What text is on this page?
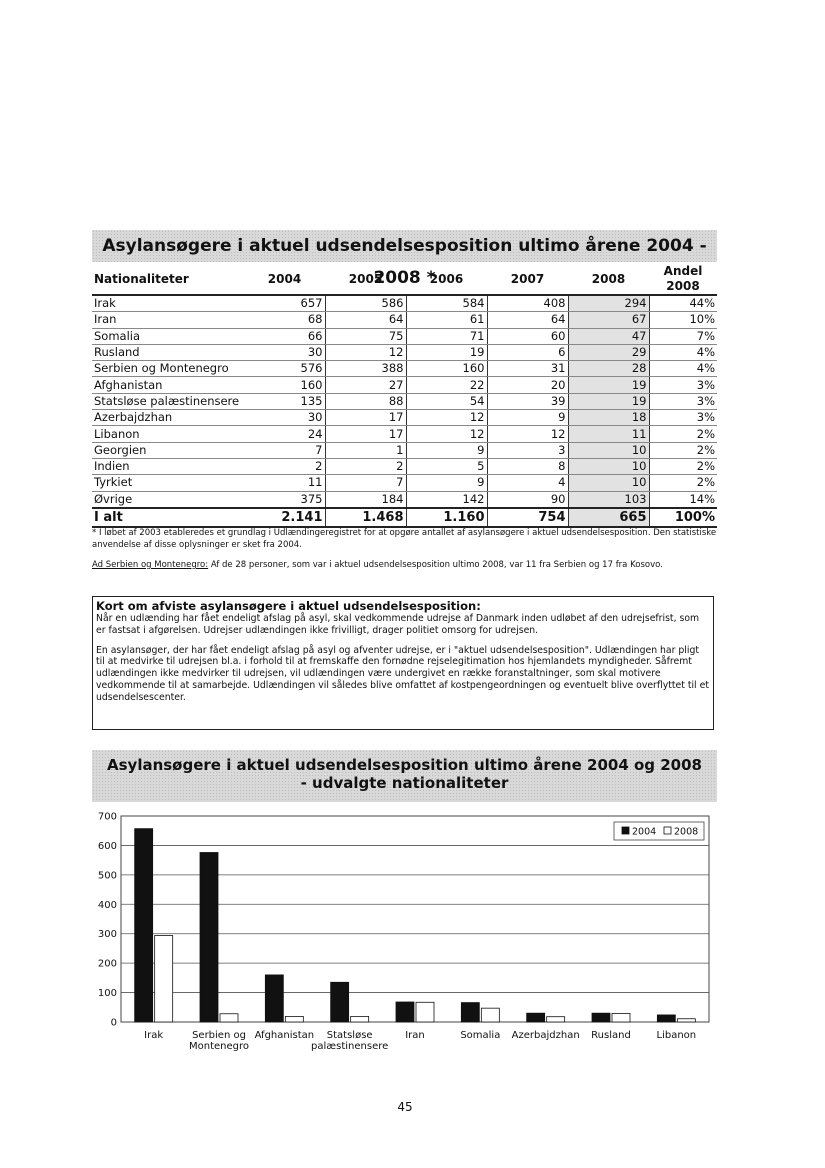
Asylansøgere i aktuel udsendelsesposition ultimo årene 2004 - 2008 *
Nationaliteter	2004	2005	2006	2007	2008	Andel 2008
Irak	657	586	584	408	294	44%
Iran	68	64	61	64	67	10%
Somalia	66	75	71	60	47	7%
Rusland	30	12	19	6	29	4%
Serbien og Montenegro	576	388	160	31	28	4%
Afghanistan	160	27	22	20	19	3%
Statsløse palæstinensere	135	88	54	39	19	3%
Azerbajdzhan	30	17	12	9	18	3%
Libanon	24	17	12	12	11	2%
Georgien	7	1	9	3	10	2%
Indien	2	2	5	8	10	2%
Tyrkiet	11	7	9	4	10	2%
Øvrige	375	184	142	90	103	14%
I alt	2.141	1.468	1.160	754	665	100%
* I løbet af 2003 etableredes et grundlag i Udlændingeregistret for at opgøre antallet af asylansøgere i aktuel udsendelsesposition. Den statistiske anvendelse af disse oplysninger er sket fra 2004.
Ad Serbien og Montenegro: Af de 28 personer, som var i aktuel udsendelsesposition ultimo 2008, var 11 fra Serbien og 17 fra Kosovo.
Kort om afviste asylansøgere i aktuel udsendelsesposition:

Når en udlænding har fået endeligt afslag på asyl, skal vedkommende udrejse af Danmark inden udløbet af den udrejsefrist, som er fastsat i afgørelsen. Udrejser udlændingen ikke frivilligt, drager politiet omsorg for udrejsen.

En asylansøger, der har fået endeligt afslag på asyl og afventer udrejse, er i "aktuel udsendelsesposition". Udlændingen har pligt til at medvirke til udrejsen bl.a. i forhold til at fremskaffe den fornødne rejselegitimation hos hjemlandets myndigheder. Såfremt udlændingen ikke medvirker til udrejsen, vil udlændingen være undergivet en række foranstaltninger, som skal motivere vedkommende til at samarbejde. Udlændingen vil således blive omfattet af kostpengeordningen og eventuelt blive overflyttet til et udsendelsescenter.

Asylansøgere i aktuel udsendelsesposition ultimo årene 2004 og 2008
- udvalgte nationaliteter
0
100
200
300
400
500
600
700
Irak	Serbien og
Montenegro
Afghanistan Statsløse
palæstinensere
Iran	Somalia Azerbajdzhan Rusland	Libanon
2004 2008
45
